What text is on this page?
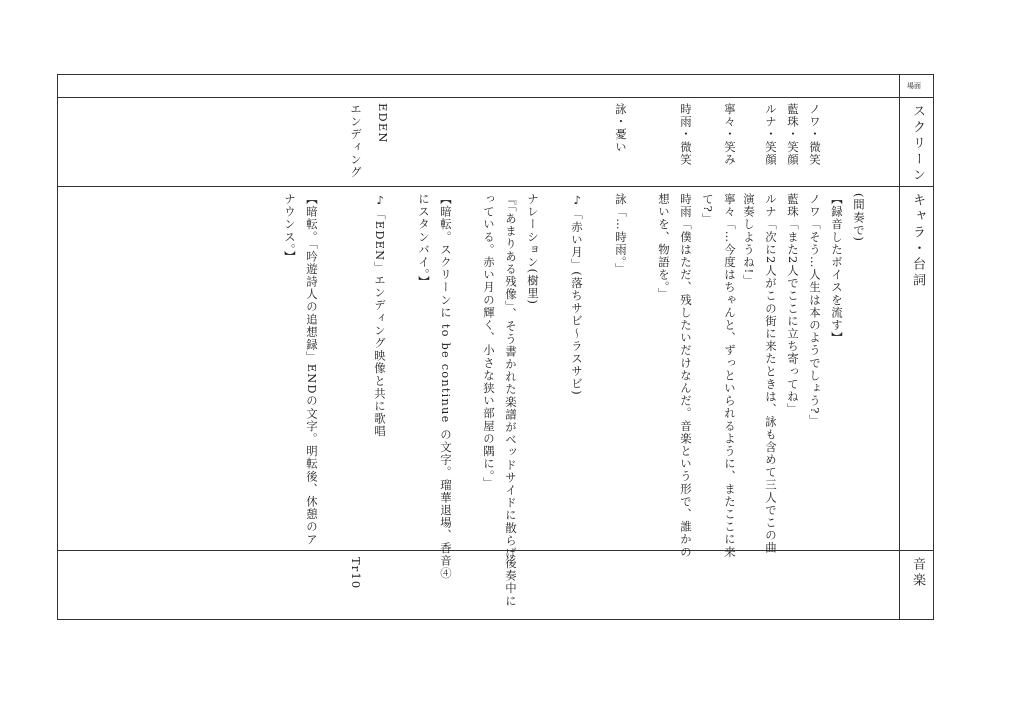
場面
スクリーン
キャラ・台詞
音楽
ノワ・微笑
藍珠・笑顔
ルナ・笑顔
寧々・笑み
時雨・微笑
詠・憂い
EDEN
エンディング
(間奏で)
【録音したボイスを流す】
ノワ「そう…人生は本のようでしょう?」
藍珠「また2人でここに立ち寄ってね」
ルナ「次に2人がこの街に来たときは、詠も含めて三人でこの曲
演奏しようね!」
寧々「…今度はちゃんと、ずっといられるように、またここに来
て?」
時雨「僕はただ、残したいだけなんだ。音楽という形で、誰かの
想いを、物語を。」
詠「…時雨。」
♪「赤い月」(落ちサビ〜ラスサビ)
ナレーション(樹里)
『「あまりある残像」、そう書かれた楽譜がベッドサイドに散らば
っている。赤い月の輝く、小さな狭い部屋の隅に。」
【暗転。スクリーンに to be continue の文字。瑠華退場、香音④
にスタンバイ。】
♪「EDEN」エンディング映像と共に歌唱
【暗転。「吟遊詩人の追想録」ENDの文字。明転後、休憩のア
ナウンス。】
後奏中に
Tr10
